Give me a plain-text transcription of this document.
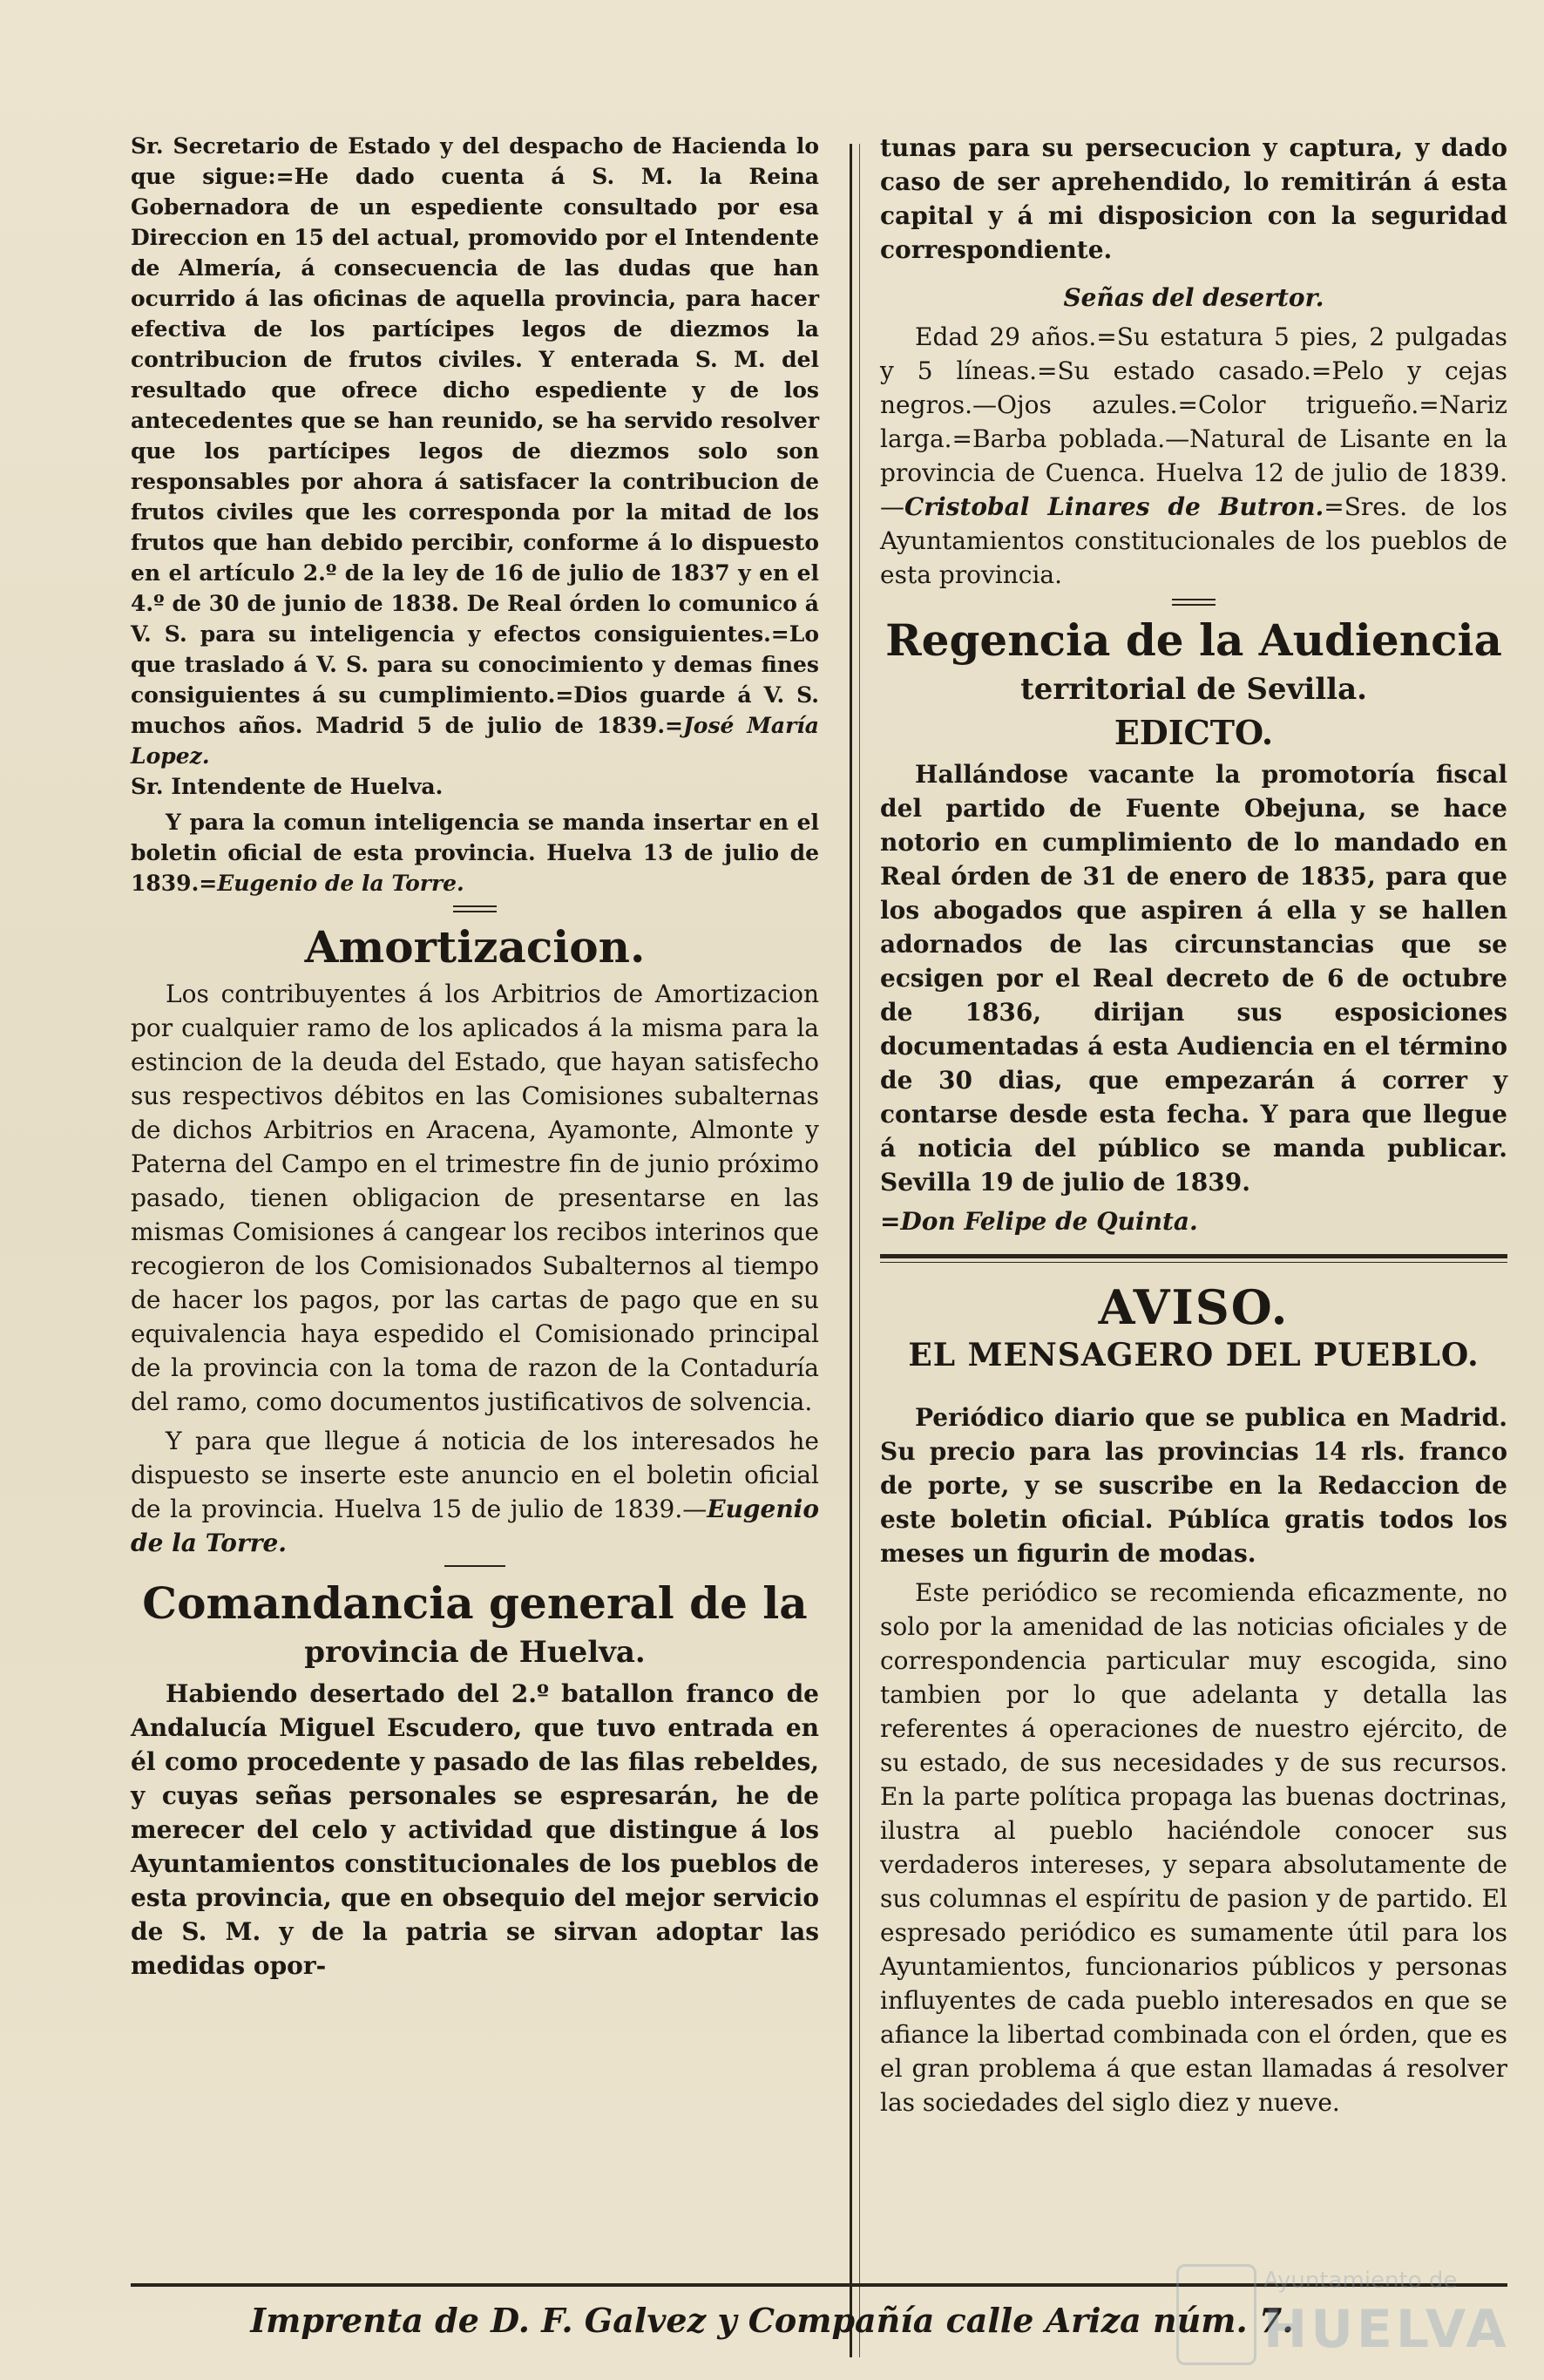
Sr. Secretario de Estado y del despacho de Hacienda lo que sigue:=He dado cuenta á S. M. la Reina Gobernadora de un espediente consultado por esa Direccion en 15 del actual, promovido por el Intendente de Almería, á consecuencia de las dudas que han ocurrido á las oficinas de aquella provincia, para hacer efectiva de los partícipes legos de diezmos la contribucion de frutos civiles. Y enterada S. M. del resultado que ofrece dicho espediente y de los antecedentes que se han reunido, se ha servido resolver que los partícipes legos de diezmos solo son responsables por ahora á satisfacer la contribucion de frutos civiles que les corresponda por la mitad de los frutos que han debido percibir, conforme á lo dispuesto en el artículo 2.º de la ley de 16 de julio de 1837 y en el 4.º de 30 de junio de 1838. De Real órden lo comunico á V. S. para su inteligencia y efectos consiguientes.=Lo que traslado á V. S. para su conocimiento y demas fines consiguientes á su cumplimiento.=Dios guarde á V. S. muchos años. Madrid 5 de julio de 1839.=José María Lopez.
Sr. Intendente de Huelva.

Y para la comun inteligencia se manda insertar en el boletin oficial de esta provincia. Huelva 13 de julio de 1839.=Eugenio de la Torre.

Amortizacion.

Los contribuyentes á los Arbitrios de Amortizacion por cualquier ramo de los aplicados á la misma para la estincion de la deuda del Estado, que hayan satisfecho sus respectivos débitos en las Comisiones subalternas de dichos Arbitrios en Aracena, Ayamonte, Almonte y Paterna del Campo en el trimestre fin de junio próximo pasado, tienen obligacion de presentarse en las mismas Comisiones á cangear los recibos interinos que recogieron de los Comisionados Subalternos al tiempo de hacer los pagos, por las cartas de pago que en su equivalencia haya espedido el Comisionado principal de la provincia con la toma de razon de la Contaduría del ramo, como documentos justificativos de solvencia.

Y para que llegue á noticia de los interesados he dispuesto se inserte este anuncio en el boletin oficial de la provincia. Huelva 15 de julio de 1839.—Eugenio de la Torre.

Comandancia general de la
provincia de Huelva.

Habiendo desertado del 2.º batallon franco de Andalucía Miguel Escudero, que tuvo entrada en él como procedente y pasado de las filas rebeldes, y cuyas señas personales se espresarán, he de merecer del celo y actividad que distingue á los Ayuntamientos constitucionales de los pueblos de esta provincia, que en obsequio del mejor servicio de S. M. y de la patria se sirvan adoptar las medidas opor-

tunas para su persecucion y captura, y dado caso de ser aprehendido, lo remitirán á esta capital y á mi disposicion con la seguridad correspondiente.

Señas del desertor.

Edad 29 años.=Su estatura 5 pies, 2 pulgadas y 5 líneas.=Su estado casado.=Pelo y cejas negros.—Ojos azules.=Color trigueño.=Nariz larga.=Barba poblada.—Natural de Lisante en la provincia de Cuenca. Huelva 12 de julio de 1839.—Cristobal Linares de Butron.=Sres. de los Ayuntamientos constitucionales de los pueblos de esta provincia.

Regencia de la Audiencia
territorial de Sevilla.
EDICTO.

Hallándose vacante la promotoría fiscal del partido de Fuente Obejuna, se hace notorio en cumplimiento de lo mandado en Real órden de 31 de enero de 1835, para que los abogados que aspiren á ella y se hallen adornados de las circunstancias que se ecsigen por el Real decreto de 6 de octubre de 1836, dirijan sus esposiciones documentadas á esta Audiencia en el término de 30 dias, que empezarán á correr y contarse desde esta fecha. Y para que llegue á noticia del público se manda publicar. Sevilla 19 de julio de 1839.

=Don Felipe de Quinta.

AVISO.
EL MENSAGERO DEL PUEBLO.

Periódico diario que se publica en Madrid. Su precio para las provincias 14 rls. franco de porte, y se suscribe en la Redaccion de este boletin oficial. Públíca gratis todos los meses un figurin de modas.

Este periódico se recomienda eficazmente, no solo por la amenidad de las noticias oficiales y de correspondencia particular muy escogida, sino tambien por lo que adelanta y detalla las referentes á operaciones de nuestro ejército, de su estado, de sus necesidades y de sus recursos. En la parte política propaga las buenas doctrinas, ilustra al pueblo haciéndole conocer sus verdaderos intereses, y separa absolutamente de sus columnas el espíritu de pasion y de partido. El espresado periódico es sumamente útil para los Ayuntamientos, funcionarios públicos y personas influyentes de cada pueblo interesados en que se afiance la libertad combinada con el órden, que es el gran problema á que estan llamadas á resolver las sociedades del siglo diez y nueve.

Imprenta de D. F. Galvez y Compañía calle Ariza núm. 7.
Ayuntamiento de
HUELVA
